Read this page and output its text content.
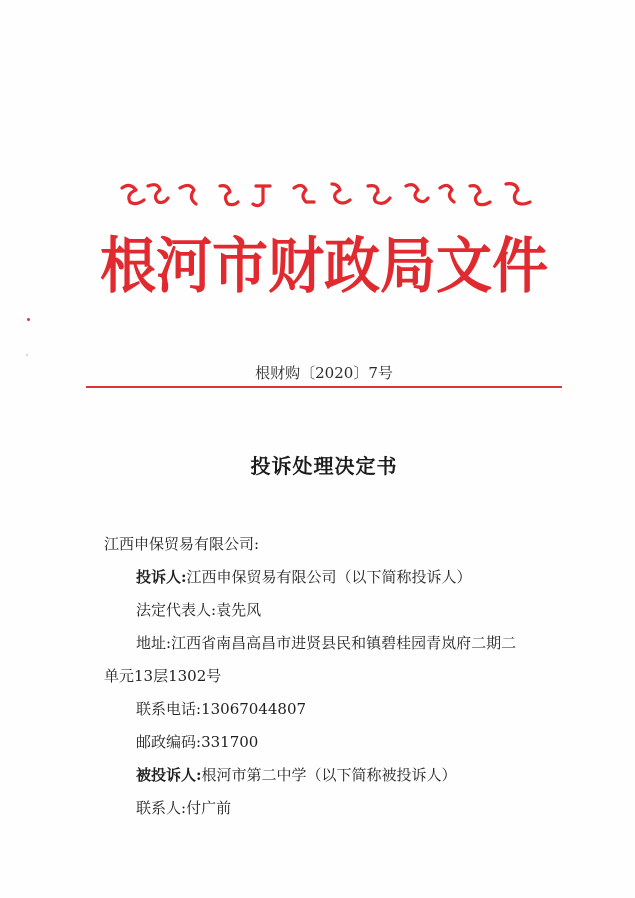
根河市财政局文件
根财购〔2020〕7号
投诉处理决定书
江西申保贸易有限公司:
投诉人:江西申保贸易有限公司（以下简称投诉人）
法定代表人:袁先风
地址:江西省南昌高昌市进贤县民和镇碧桂园青岚府二期二
单元13层1302号
联系电话:13067044807
邮政编码:331700
被投诉人:根河市第二中学（以下简称被投诉人）
联系人:付广前
